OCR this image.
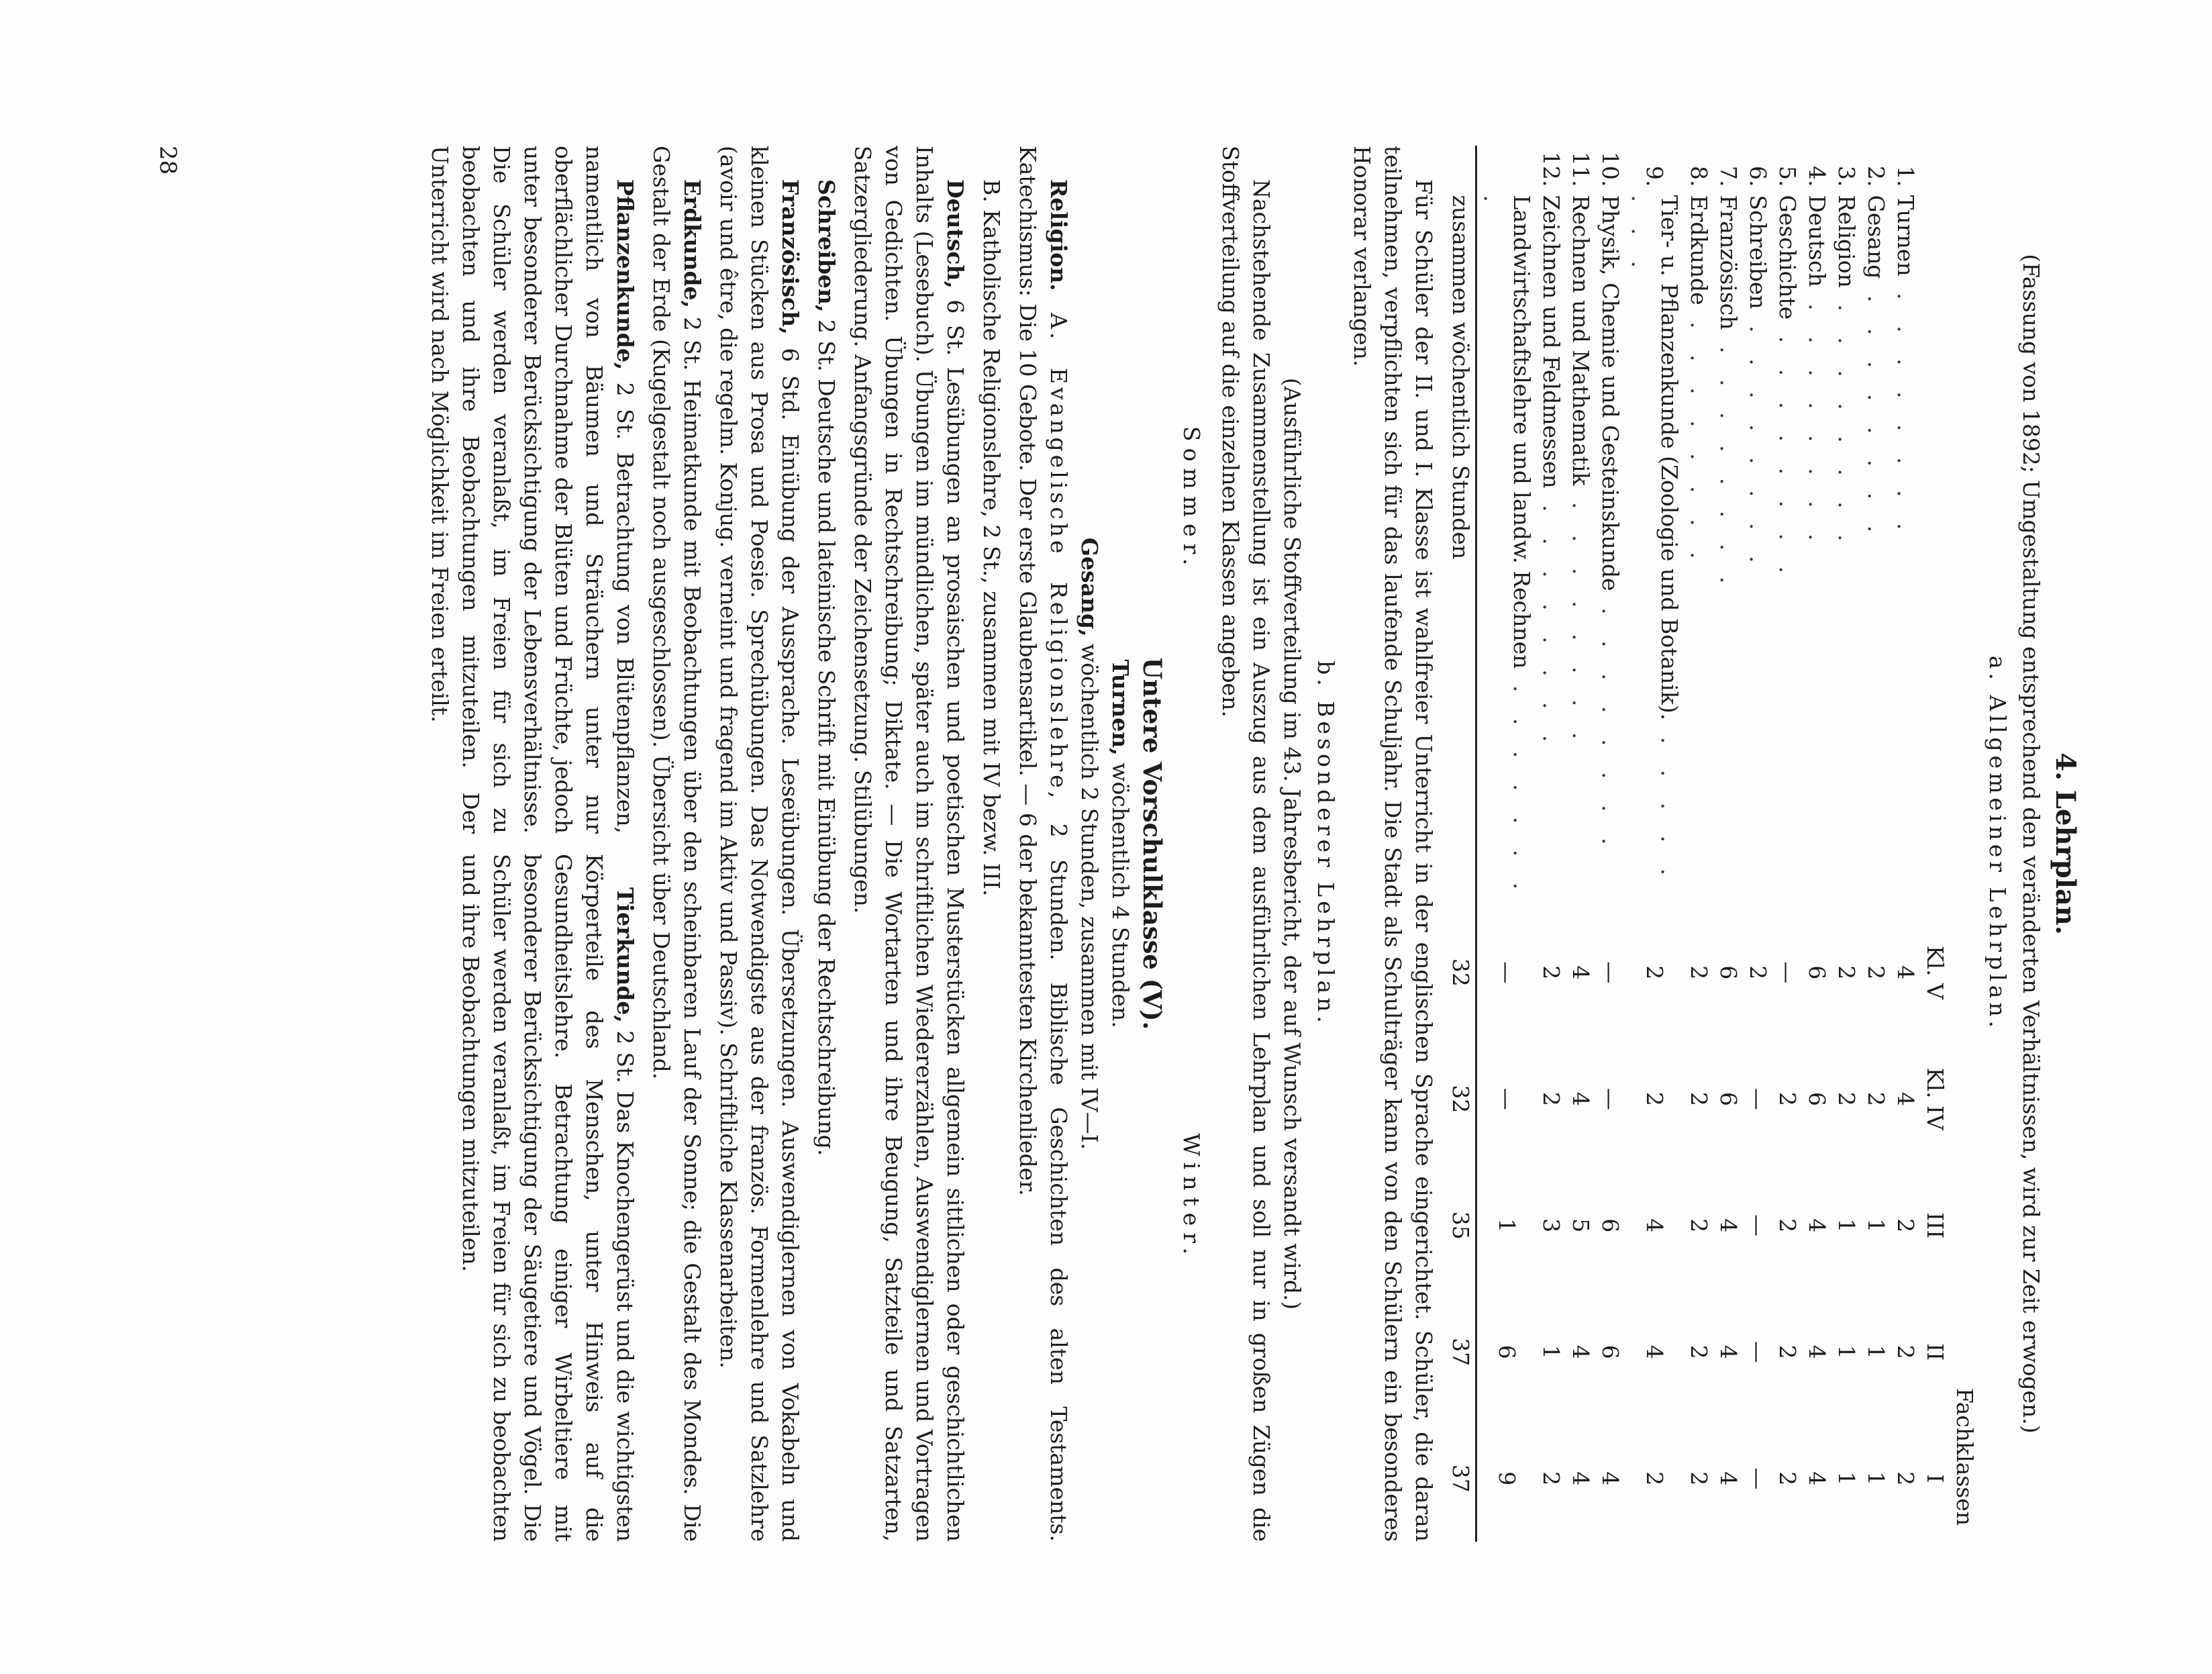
4. Lehrplan.
(Fassung von 1892; Umgestaltung entsprechend den veränderten Verhältnissen, wird zur Zeit erwogen.)
a. Allgemeiner Lehrplan.
				Fachklassen		
		Kl. V	Kl. IV	III	II	I
1.	Turnen . . . . . . . .	4	4	2	2	2
2.	Gesang . . . . . . . .	2	2	1	1	1
3.	Religion . . . . . . . .	2	2	1	1	1
4.	Deutsch . . . . . . . .	6	6	4	4	4
5.	Geschichte . . . . . . . .	—	2	2	2	2
6.	Schreiben . . . . . . . .	2	—	—	—	—
7.	Französisch . . . . . . . .	6	6	4	4	4
8.	Erdkunde . . . . . . . .	2	2	2	2	2
9.	Tier- u. Pflanzenkunde (Zoologie und Botanik). . . . . . . . .	2	2	4	4	2
10.	Physik, Chemie und Gesteinskunde . . . . . . . .	—	—	6	6	4
11.	Rechnen und Mathematik . . . . . . . .	4	4	5	4	4
12.	Zeichnen und Feldmessen . . . . . . . .	2	2	3	1	2
	Landwirtschaftslehre und landw. Rechnen . . . . . . . .	—	—	1	6	9
	zusammen wöchentlich Stunden	32	32	35	37	37

Für Schüler der II. und I. Klasse ist wahlfreier Unterricht in der englischen Sprache eingerichtet. Schüler, die daran teilnehmen, verpflichten sich für das laufende Schuljahr. Die Stadt als Schulträger kann von den Schülern ein besonderes Honorar verlangen.

b. Besonderer Lehrplan.
(Ausführliche Stoffverteilung im 43. Jahresbericht, der auf Wunsch versandt wird.)

Nachstehende Zusammenstellung ist ein Auszug aus dem ausführlichen Lehrplan und soll nur in großen Zügen die Stoffverteilung auf die einzelnen Klassen angeben.

Sommer.
Winter.
Untere Vorschulklasse (V).
Turnen, wöchentlich 4 Stunden.
Gesang, wöchentlich 2 Stunden, zusammen mit IV—I.

Religion. A. Evangelische Religionslehre, 2 Stunden. Biblische Geschichten des alten Testaments. Katechismus: Die 10 Gebote. Der erste Glaubensartikel. — 6 der bekanntesten Kirchenlieder.

B. Katholische Religionslehre, 2 St., zusammen mit IV bezw. III.

Deutsch, 6 St. Lesübungen an prosaischen und poetischen Musterstücken allgemein sittlichen oder geschichtlichen Inhalts (Lesebuch). Übungen im mündlichen, später auch im schriftlichen Wiedererzählen, Auswendiglernen und Vortragen von Gedichten. Übungen in Rechtschreibung; Diktate. — Die Wortarten und ihre Beugung, Satzteile und Satzarten, Satzergliederung. Anfangsgründe der Zeichensetzung. Stilübungen.

Schreiben, 2 St. Deutsche und lateinische Schrift mit Einübung der Rechtschreibung.

Französisch, 6 Std. Einübung der Aussprache. Leseübungen. Übersetzungen. Auswendiglernen von Vokabeln und kleinen Stücken aus Prosa und Poesie. Sprechübungen. Das Notwendigste aus der französ. Formenlehre und Satzlehre (avoir und être, die regelm. Konjug. verneint und fragend im Aktiv und Passiv). Schriftliche Klassenarbeiten.

Erdkunde, 2 St. Heimatkunde mit Beobachtungen über den scheinbaren Lauf der Sonne; die Gestalt des Mondes. Die Gestalt der Erde (Kugelgestalt noch ausgeschlossen). Übersicht über Deutschland.

Pflanzenkunde, 2 St. Betrachtung von Blütenpflanzen, namentlich von Bäumen und Sträuchern unter nur oberflächlicher Durchnahme der Blüten und Früchte, jedoch unter besonderer Berücksichtigung der Lebensverhältnisse. Die Schüler werden veranlaßt, im Freien für sich zu beobachten und ihre Beobachtungen mitzuteilen. Der Unterricht wird nach Möglichkeit im Freien erteilt.

Tierkunde, 2 St. Das Knochengerüst und die wichtigsten Körperteile des Menschen, unter Hinweis auf die Gesundheitslehre. Betrachtung einiger Wirbeltiere mit besonderer Berücksichtigung der Säugetiere und Vögel. Die Schüler werden veranlaßt, im Freien für sich zu beobachten und ihre Beobachtungen mitzuteilen.

28
